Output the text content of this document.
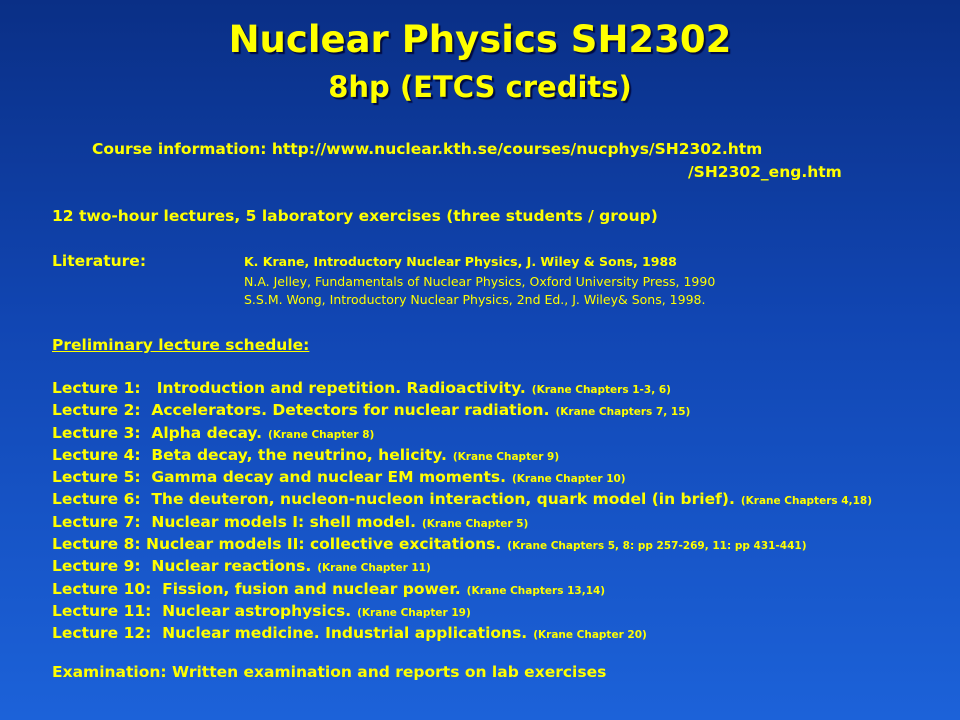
Nuclear Physics SH2302
8hp (ETCS credits)
Course information: http://www.nuclear.kth.se/courses/nucphys/SH2302.htm
/SH2302_eng.htm
12 two-hour lectures, 5 laboratory exercises (three students / group)
Literature:	K. Krane, Introductory Nuclear Physics, J. Wiley & Sons, 1988
N.A. Jelley, Fundamentals of Nuclear Physics, Oxford University Press, 1990
S.S.M. Wong, Introductory Nuclear Physics, 2nd Ed., J. Wiley& Sons, 1998.
Preliminary lecture schedule:
Lecture 1: Introduction and repetition. Radioactivity. (Krane Chapters 1-3, 6)
Lecture 2: Accelerators. Detectors for nuclear radiation. (Krane Chapters 7, 15)
Lecture 3: Alpha decay. (Krane Chapter 8)
Lecture 4: Beta decay, the neutrino, helicity. (Krane Chapter 9)
Lecture 5: Gamma decay and nuclear EM moments. (Krane Chapter 10)
Lecture 6: The deuteron, nucleon-nucleon interaction, quark model (in brief). (Krane Chapters 4,18)
Lecture 7: Nuclear models I: shell model. (Krane Chapter 5)
Lecture 8: Nuclear models II: collective excitations. (Krane Chapters 5, 8: pp 257-269, 11: pp 431-441)
Lecture 9: Nuclear reactions. (Krane Chapter 11)
Lecture 10: Fission, fusion and nuclear power. (Krane Chapters 13,14)
Lecture 11: Nuclear astrophysics. (Krane Chapter 19)
Lecture 12: Nuclear medicine. Industrial applications. (Krane Chapter 20)
Examination: Written examination and reports on lab exercises
